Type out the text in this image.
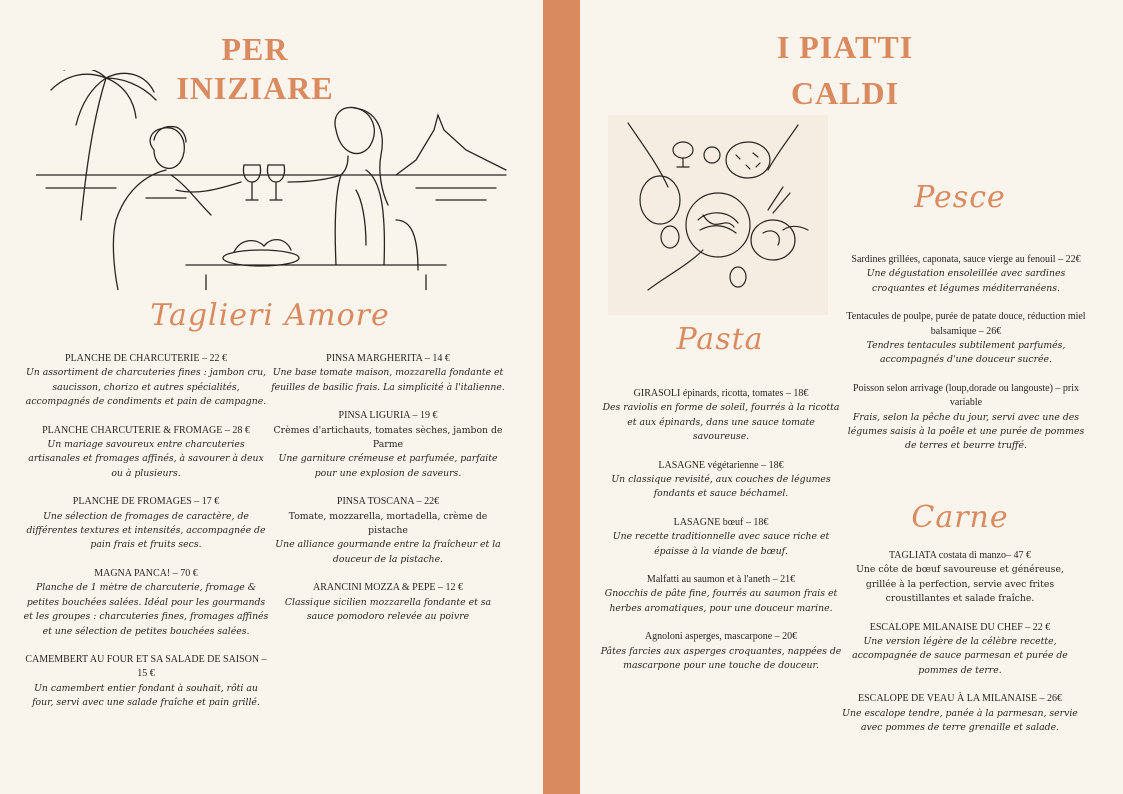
PER
INIZIARE
Taglieri Amore
PLANCHE DE CHARCUTERIE – 22 €
Un assortiment de charcuteries fines : jambon cru, saucisson, chorizo et autres spécialités, accompagnés de condiments et pain de campagne.
PLANCHE CHARCUTERIE & FROMAGE – 28 €
Un mariage savoureux entre charcuteries artisanales et fromages affinés, à savourer à deux ou à plusieurs.
PLANCHE DE FROMAGES – 17 €
Une sélection de fromages de caractère, de différentes textures et intensités, accompagnée de pain frais et fruits secs.
MAGNA PANCA! – 70 €
Planche de 1 mètre de charcuterie, fromage & petites bouchées salées. Idéal pour les gourmands et les groupes : charcuteries fines, fromages affinés et une sélection de petites bouchées salées.
CAMEMBERT AU FOUR ET SA SALADE DE SAISON – 15 €
Un camembert entier fondant à souhait, rôti au four, servi avec une salade fraîche et pain grillé.
PINSA MARGHERITA – 14 €
Une base tomate maison, mozzarella fondante et feuilles de basilic frais. La simplicité à l'italienne.
PINSA LIGURIA – 19 €
Crèmes d'artichauts, tomates sèches, jambon de Parme
Une garniture crémeuse et parfumée, parfaite pour une explosion de saveurs.
PINSA TOSCANA – 22€
Tomate, mozzarella, mortadella, crème de pistache
Une alliance gourmande entre la fraîcheur et la douceur de la pistache.
ARANCINI MOZZA & PEPE – 12 €
Classique sicilien mozzarella fondante et sa sauce pomodoro relevée au poivre
I PIATTI
CALDI
Pasta
GIRASOLI épinards, ricotta, tomates – 18€
Des raviolis en forme de soleil, fourrés à la ricotta et aux épinards, dans une sauce tomate savoureuse.
LASAGNE végétarienne – 18€
Un classique revisité, aux couches de légumes fondants et sauce béchamel.
LASAGNE bœuf – 18€
Une recette traditionnelle avec sauce riche et épaisse à la viande de bœuf.
Malfatti au saumon et à l'aneth – 21€
Gnocchis de pâte fine, fourrés au saumon frais et herbes aromatiques, pour une douceur marine.
Agnoloni asperges, mascarpone – 20€
Pâtes farcies aux asperges croquantes, nappées de mascarpone pour une touche de douceur.
Pesce
Sardines grillées, caponata, sauce vierge au fenouil – 22€
Une dégustation ensoleillée avec sardines croquantes et légumes méditerranéens.
Tentacules de poulpe, purée de patate douce, réduction miel balsamique – 26€
Tendres tentacules subtilement parfumés, accompagnés d'une douceur sucrée.
Poisson selon arrivage (loup,dorade ou langouste) – prix variable
Frais, selon la pêche du jour, servi avec une des légumes saisis à la poêle et une purée de pommes de terres et beurre truffé.
Carne
TAGLIATA costata di manzo– 47 €
Une côte de bœuf savoureuse et généreuse, grillée à la perfection, servie avec frites croustillantes et salade fraîche.
ESCALOPE MILANAISE DU CHEF – 22 €
Une version légère de la célèbre recette, accompagnée de sauce parmesan et purée de pommes de terre.
ESCALOPE DE VEAU À LA MILANAISE – 26€
Une escalope tendre, panée à la parmesan, servie avec pommes de terre grenaille et salade.
